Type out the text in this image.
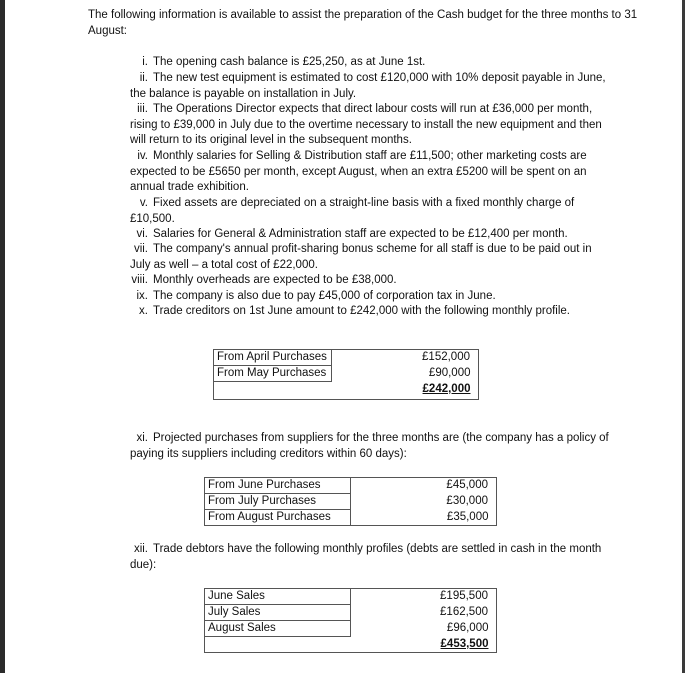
The following information is available to assist the preparation of the Cash budget for the three months to 31 August:
i. The opening cash balance is £25,250, as at June 1st.
ii. The new test equipment is estimated to cost £120,000 with 10% deposit payable in June, the balance is payable on installation in July.
iii. The Operations Director expects that direct labour costs will run at £36,000 per month, rising to £39,000 in July due to the overtime necessary to install the new equipment and then will return to its original level in the subsequent months.
iv. Monthly salaries for Selling & Distribution staff are £11,500; other marketing costs are expected to be £5650 per month, except August, when an extra £5200 will be spent on an annual trade exhibition.
v. Fixed assets are depreciated on a straight-line basis with a fixed monthly charge of £10,500.
vi. Salaries for General & Administration staff are expected to be £12,400 per month.
vii. The company's annual profit-sharing bonus scheme for all staff is due to be paid out in July as well – a total cost of £22,000.
viii. Monthly overheads are expected to be £38,000.
ix. The company is also due to pay £45,000 of corporation tax in June.
x. Trade creditors on 1st June amount to £242,000 with the following monthly profile.
From April Purchases	£152,000
From May Purchases	£90,000
	£242,000
xi. Projected purchases from suppliers for the three months are (the company has a policy of paying its suppliers including creditors within 60 days):
From June Purchases	£45,000
From July Purchases	£30,000
From August Purchases	£35,000
xii. Trade debtors have the following monthly profiles (debts are settled in cash in the month due):
June Sales	£195,500
July Sales	£162,500
August Sales	£96,000
	£453,500
